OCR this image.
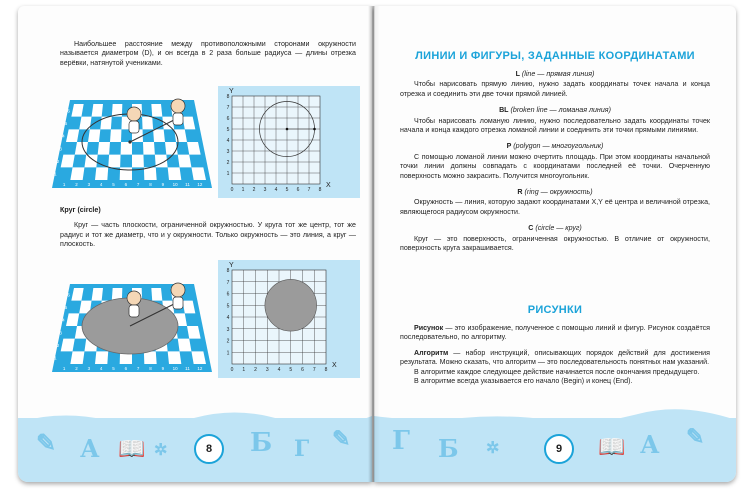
Наибольшее расстояние между противоположными сторонами окружности называется диаметром (D), и он всегда в 2 раза больше радиуса — длины отрезка верёвки, натянутой учениками.

1 2 3 4 5 6 7 8 9 10 11 12
1
2
3
4
5
6
0 1 2 3 4 5 6 7 8
1
2
3
4
5
6
7
8
X
Y
Круг (circle)

Круг — часть плоскости, ограниченной окружностью. У круга тот же центр, тот же радиус и тот же диаметр, что и у окружности. Только окружность — это линия, а круг — плоскость.

1 2 3 4 5 6 7 8 9 10 11 12
1
2
3
4
5
6
0 1 2 3 4 5 6 7 8
1
2
3
4
5
6
7
8
X
Y
✎ А 📖 ✲	8	Б Г ✎
ЛИНИИ И ФИГУРЫ, ЗАДАННЫЕ КООРДИНАТАМИ
L (line — прямая линия)

Чтобы нарисовать прямую линию, нужно задать координаты точек начала и конца отрезка и соединить эти две точки прямой линией.

BL (broken line — ломаная линия)

Чтобы нарисовать ломаную линию, нужно последовательно задать координаты точек начала и конца каждого отрезка ломаной линии и соединить эти точки прямыми линиями.

P (polygon — многоугольник)

С помощью ломаной линии можно очертить площадь. При этом координаты начальной точки линии должны совпадать с координатами последней её точки. Очерченную поверхность можно закрасить. Получится многоугольник.

R (ring — окружность)

Окружность — линия, которую задают координатами X,Y её центра и величиной отрезка, являющегося радиусом окружности.

C (circle — круг)

Круг — это поверхность, ограниченная окружностью. В отличие от окружности, поверхность круга закрашивается.

РИСУНКИ

Рисунок — это изображение, полученное с помощью линий и фигур. Рисунок создаётся последовательно, по алгоритму.

Алгоритм — набор инструкций, описывающих порядок действий для достижения результата. Можно сказать, что алгоритм — это последовательность понятных нам указаний.

В алгоритме каждое следующее действие начинается после окончания предыдущего.

В алгоритме всегда указывается его начало (Begin) и конец (End).

Г Б ✲	9	📖 А ✎
